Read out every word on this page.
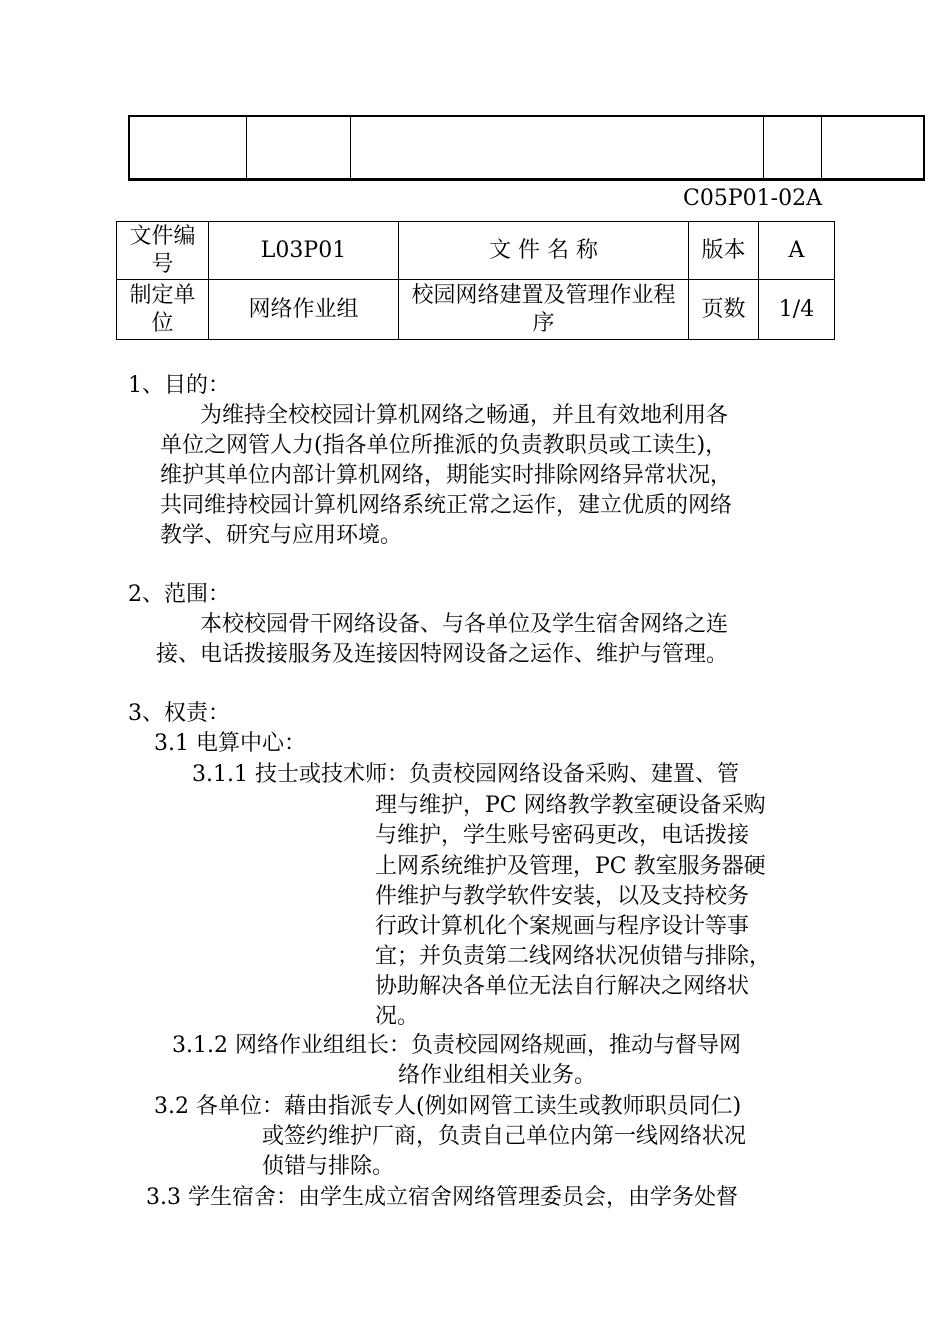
C05P01-02A
文件编号	L03P01	文 件 名 称	版本	A
制定单位	网络作业组	校园网络建置及管理作业程序	页数	1/4
1、目的：
为维持全校校园计算机网络之畅通，并且有效地利用各
单位之网管人力(指各单位所推派的负责教职员或工读生)，
维护其单位内部计算机网络，期能实时排除网络异常状况，
共同维持校园计算机网络系统正常之运作，建立优质的网络
教学、研究与应用环境。
2、范围：
本校校园骨干网络设备、与各单位及学生宿舍网络之连
接、电话拨接服务及连接因特网设备之运作、维护与管理。
3、权责：
3.1 电算中心：
3.1.1 技士或技术师：负责校园网络设备采购、建置、管
理与维护，PC 网络教学教室硬设备采购
与维护，学生账号密码更改，电话拨接
上网系统维护及管理，PC 教室服务器硬
件维护与教学软件安装，以及支持校务
行政计算机化个案规画与程序设计等事
宜；并负责第二线网络状况侦错与排除，
协助解决各单位无法自行解决之网络状
况。
3.1.2 网络作业组组长：负责校园网络规画，推动与督导网
络作业组相关业务。
3.2 各单位：藉由指派专人(例如网管工读生或教师职员同仁)
或签约维护厂商，负责自己单位内第一线网络状况
侦错与排除。
3.3 学生宿舍：由学生成立宿舍网络管理委员会，由学务处督
